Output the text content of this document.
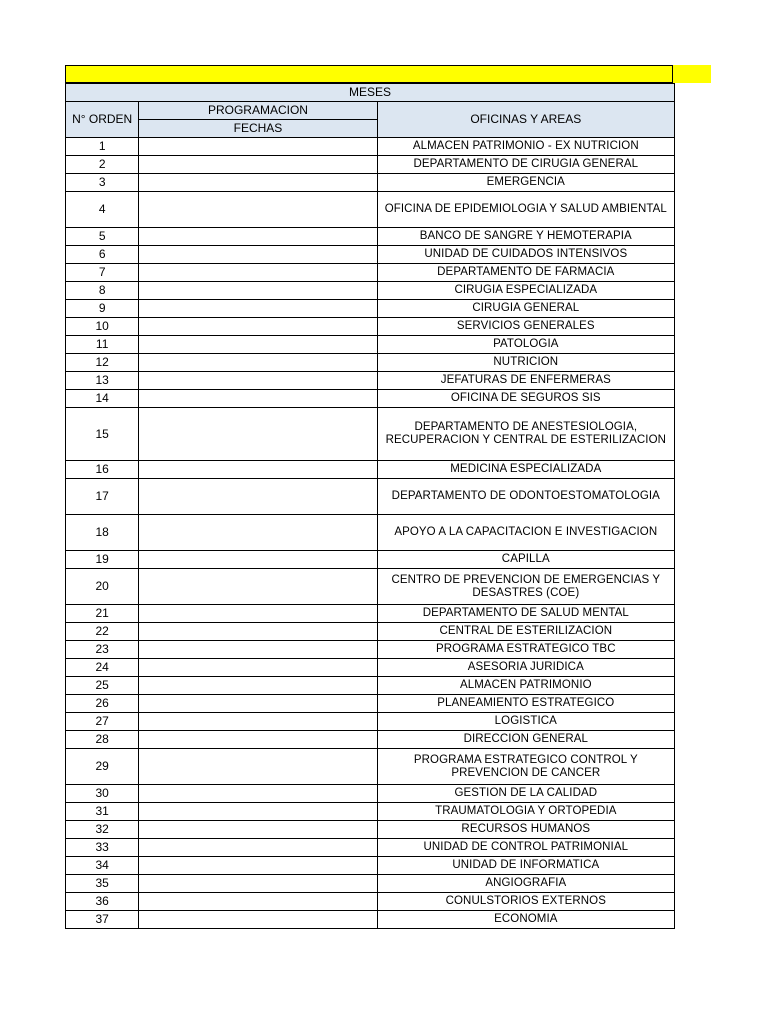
MESES		
N° ORDEN	PROGRAMACION	OFICINAS Y AREAS
	FECHAS	
1		ALMACEN PATRIMONIO - EX NUTRICION
2		DEPARTAMENTO DE CIRUGIA GENERAL
3		EMERGENCIA
4		OFICINA DE EPIDEMIOLOGIA Y SALUD AMBIENTAL
5		BANCO DE SANGRE Y HEMOTERAPIA
6		UNIDAD DE CUIDADOS INTENSIVOS
7		DEPARTAMENTO DE FARMACIA
8		CIRUGIA ESPECIALIZADA
9		CIRUGIA GENERAL
10		SERVICIOS GENERALES
11		PATOLOGIA
12		NUTRICION
13		JEFATURAS DE ENFERMERAS
14		OFICINA DE SEGUROS SIS
15		DEPARTAMENTO DE ANESTESIOLOGIA, RECUPERACION Y CENTRAL DE ESTERILIZACION
16		MEDICINA ESPECIALIZADA
17		DEPARTAMENTO DE ODONTOESTOMATOLOGIA
18		APOYO A LA CAPACITACION E INVESTIGACION
19		CAPILLA
20		CENTRO DE PREVENCION DE EMERGENCIAS Y DESASTRES (COE)
21		DEPARTAMENTO DE SALUD MENTAL
22		CENTRAL DE ESTERILIZACION
23		PROGRAMA ESTRATEGICO TBC
24		ASESORIA JURIDICA
25		ALMACEN PATRIMONIO
26		PLANEAMIENTO ESTRATEGICO
27		LOGISTICA
28		DIRECCION GENERAL
29		PROGRAMA ESTRATEGICO CONTROL Y PREVENCION DE CANCER
30		GESTION DE LA CALIDAD
31		TRAUMATOLOGIA Y ORTOPEDIA
32		RECURSOS HUMANOS
33		UNIDAD DE CONTROL PATRIMONIAL
34		UNIDAD DE INFORMATICA
35		ANGIOGRAFIA
36		CONULSTORIOS EXTERNOS
37		ECONOMIA
